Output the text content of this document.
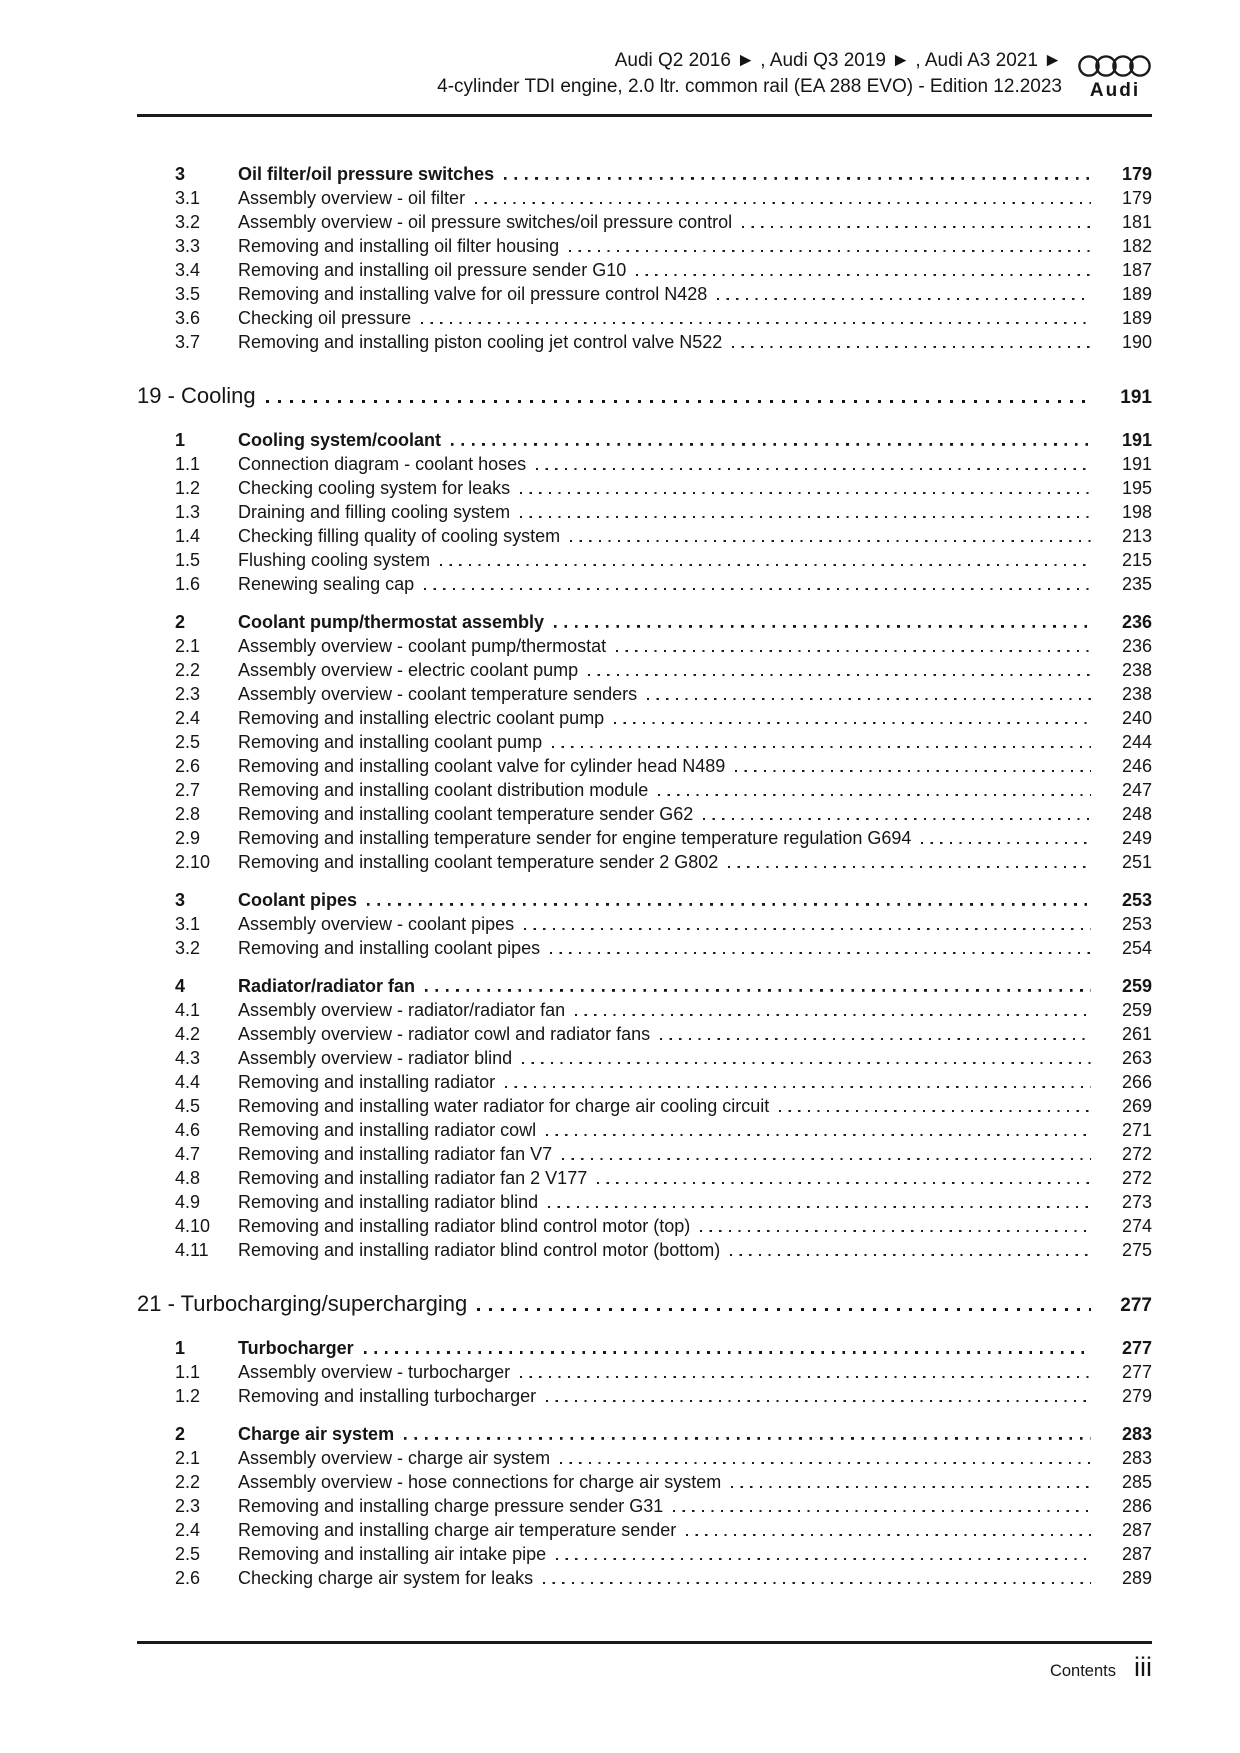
Audi Q2 2016 ► , Audi Q3 2019 ► , Audi A3 2021 ►
4-cylinder TDI engine, 2.0 ltr. common rail (EA 288 EVO) - Edition 12.2023 Audi
3	Oil filter/oil pressure switches	179
3.1	Assembly overview - oil filter	179
3.2	Assembly overview - oil pressure switches/oil pressure control	181
3.3	Removing and installing oil filter housing	182
3.4	Removing and installing oil pressure sender G10	187
3.5	Removing and installing valve for oil pressure control N428	189
3.6	Checking oil pressure	189
3.7	Removing and installing piston cooling jet control valve N522	190
19 - Cooling	191
1	Cooling system/coolant	191
1.1	Connection diagram - coolant hoses	191
1.2	Checking cooling system for leaks	195
1.3	Draining and filling cooling system	198
1.4	Checking filling quality of cooling system	213
1.5	Flushing cooling system	215
1.6	Renewing sealing cap	235
2	Coolant pump/thermostat assembly	236
2.1	Assembly overview - coolant pump/thermostat	236
2.2	Assembly overview - electric coolant pump	238
2.3	Assembly overview - coolant temperature senders	238
2.4	Removing and installing electric coolant pump	240
2.5	Removing and installing coolant pump	244
2.6	Removing and installing coolant valve for cylinder head N489	246
2.7	Removing and installing coolant distribution module	247
2.8	Removing and installing coolant temperature sender G62	248
2.9	Removing and installing temperature sender for engine temperature regulation G694	249
2.10	Removing and installing coolant temperature sender 2 G802	251
3	Coolant pipes	253
3.1	Assembly overview - coolant pipes	253
3.2	Removing and installing coolant pipes	254
4	Radiator/radiator fan	259
4.1	Assembly overview - radiator/radiator fan	259
4.2	Assembly overview - radiator cowl and radiator fans	261
4.3	Assembly overview - radiator blind	263
4.4	Removing and installing radiator	266
4.5	Removing and installing water radiator for charge air cooling circuit	269
4.6	Removing and installing radiator cowl	271
4.7	Removing and installing radiator fan V7	272
4.8	Removing and installing radiator fan 2 V177	272
4.9	Removing and installing radiator blind	273
4.10	Removing and installing radiator blind control motor (top)	274
4.11	Removing and installing radiator blind control motor (bottom)	275
21 - Turbocharging/supercharging	277
1	Turbocharger	277
1.1	Assembly overview - turbocharger	277
1.2	Removing and installing turbocharger	279
2	Charge air system	283
2.1	Assembly overview - charge air system	283
2.2	Assembly overview - hose connections for charge air system	285
2.3	Removing and installing charge pressure sender G31	286
2.4	Removing and installing charge air temperature sender	287
2.5	Removing and installing air intake pipe	287
2.6	Checking charge air system for leaks	289
Contents iii
